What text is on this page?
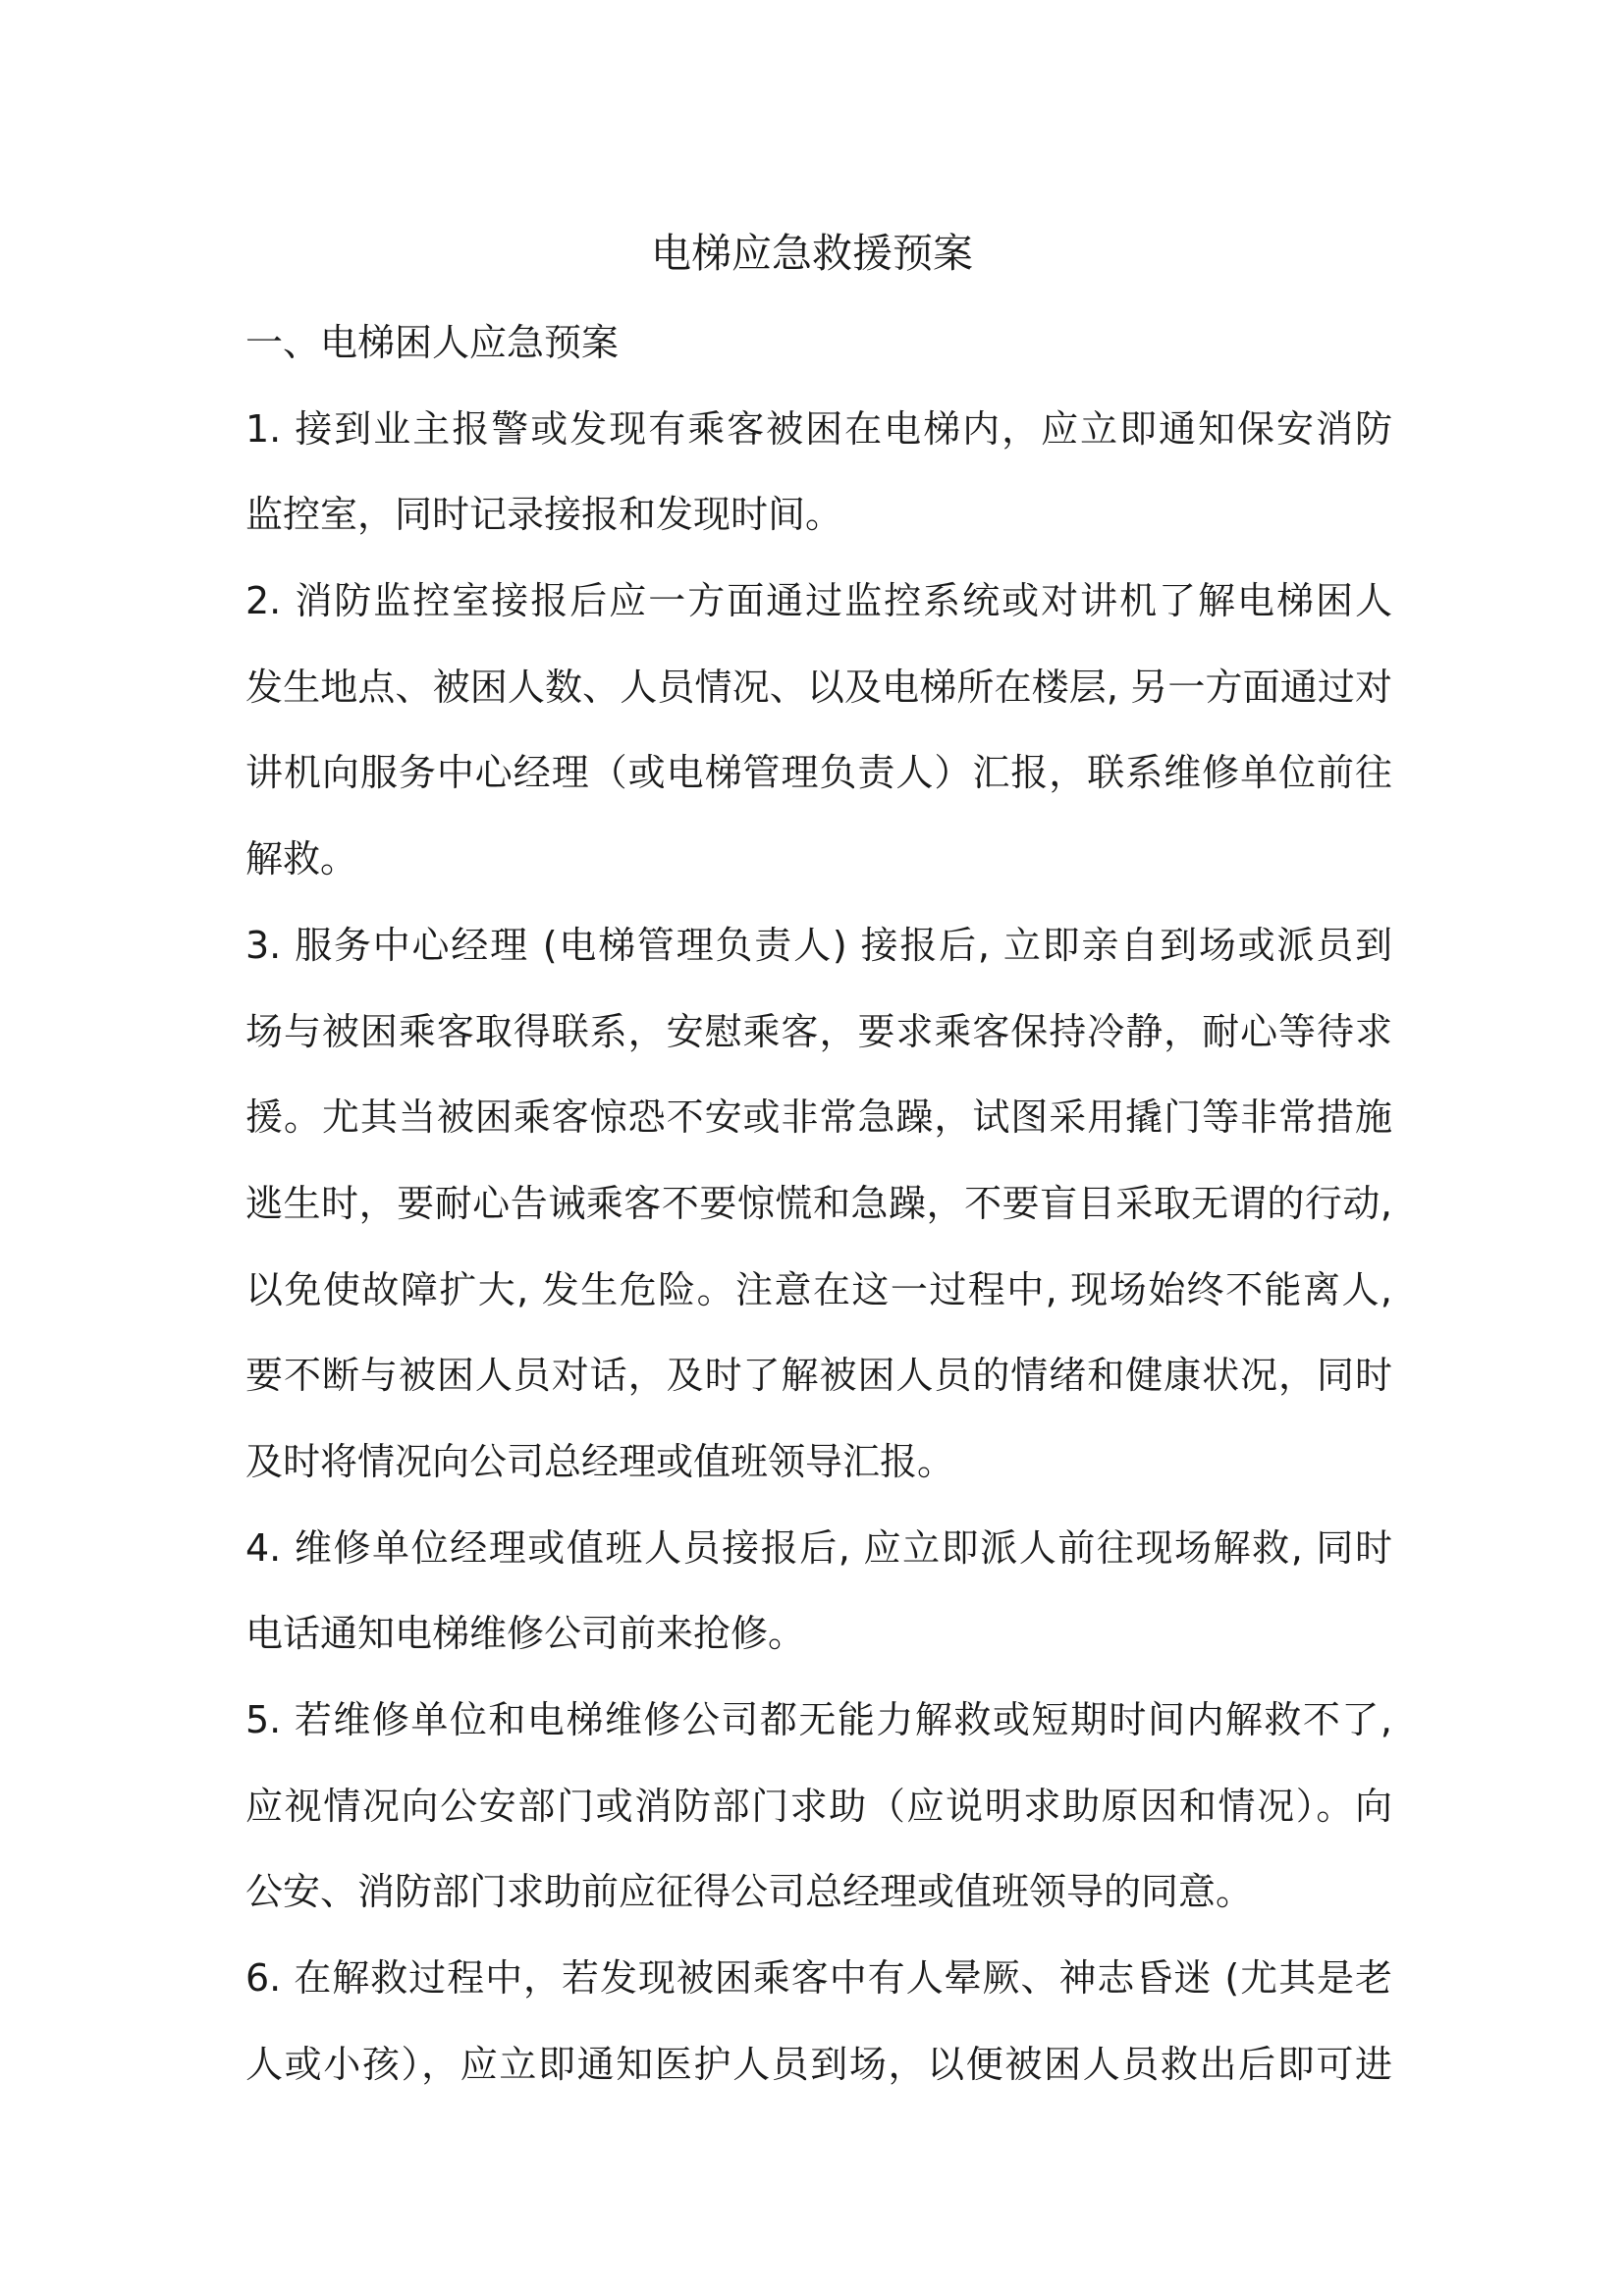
电梯应急救援预案
一、电梯困人应急预案
1. 接到业主报警或发现有乘客被困在电梯内，应立即通知保安消防
监控室，同时记录接报和发现时间。
2. 消防监控室接报后应一方面通过监控系统或对讲机了解电梯困人
发生地点、被困人数、人员情况、以及电梯所在楼层, 另一方面通过对
讲机向服务中心经理（或电梯管理负责人）汇报，联系维修单位前往
解救。
3. 服务中心经理 (电梯管理负责人) 接报后, 立即亲自到场或派员到
场与被困乘客取得联系，安慰乘客，要求乘客保持冷静，耐心等待求
援。尤其当被困乘客惊恐不安或非常急躁，试图采用撬门等非常措施
逃生时，要耐心告诫乘客不要惊慌和急躁，不要盲目采取无谓的行动,
以免使故障扩大, 发生危险。注意在这一过程中, 现场始终不能离人,
要不断与被困人员对话，及时了解被困人员的情绪和健康状况，同时
及时将情况向公司总经理或值班领导汇报。
4. 维修单位经理或值班人员接报后, 应立即派人前往现场解救, 同时
电话通知电梯维修公司前来抢修。
5. 若维修单位和电梯维修公司都无能力解救或短期时间内解救不了,
应视情况向公安部门或消防部门求助（应说明求助原因和情况）。向
公安、消防部门求助前应征得公司总经理或值班领导的同意。
6. 在解救过程中，若发现被困乘客中有人晕厥、神志昏迷 (尤其是老
人或小孩），应立即通知医护人员到场，以便被困人员救出后即可进
